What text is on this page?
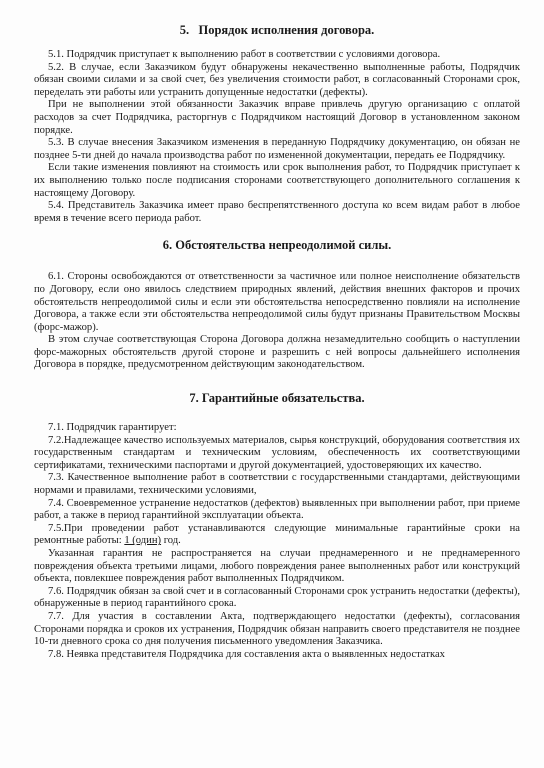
5.  Порядок исполнения договора.

5.1. Подрядчик приступает к выполнению работ в соответствии с условиями договора.

5.2. В случае, если Заказчиком будут обнаружены некачественно выполненные работы, Подрядчик обязан своими силами и за свой счет, без увеличения стоимости работ, в согласованный Сторонами срок, переделать эти работы или устранить допущенные недостатки (дефекты).

При не выполнении этой обязанности Заказчик вправе привлечь другую организацию с оплатой расходов за счет Подрядчика, расторгнув с Подрядчиком настоящий Договор в установленном законом порядке.

5.3. В случае внесения Заказчиком изменения в переданную Подрядчику документацию, он обязан не позднее 5-ти дней до начала производства работ по измененной документации, передать ее Подрядчику.

Если такие изменения повлияют на стоимость или срок выполнения работ, то Подрядчик приступает к их выполнению только после подписания сторонами соответствующего дополнительного соглашения к настоящему Договору.

5.4. Представитель Заказчика имеет право беспрепятственного доступа ко всем видам работ в любое время в течение всего периода работ.

6. Обстоятельства непреодолимой силы.

6.1. Стороны освобождаются от ответственности за частичное или полное неисполнение обязательств по Договору, если оно явилось следствием природных явлений, действия внешних факторов и прочих обстоятельств непреодолимой силы и если эти обстоятельства непосредственно повлияли на исполнение Договора, а также если эти обстоятельства непреодолимой силы будут признаны Правительством Москвы (форс-мажор).

В этом случае соответствующая Сторона Договора должна незамедлительно сообщить о наступлении форс-мажорных обстоятельств другой стороне и разрешить с ней вопросы дальнейшего исполнения Договора в порядке, предусмотренном действующим законодательством.

7. Гарантийные обязательства.

7.1. Подрядчик гарантирует:

7.2.Надлежащее качество используемых материалов, сырья конструкций, оборудования соответствия их государственным стандартам и техническим условиям, обеспеченность их соответствующими сертификатами, техническими паспортами и другой документацией, удостоверяющих их качество.

7.3. Качественное выполнение работ в соответствии с государственными стандартами, действующими нормами и правилами, техническими условиями,

7.4. Своевременное устранение недостатков (дефектов) выявленных при выполнении работ, при приеме работ, а также в период гарантийной эксплуатации объекта.

7.5.При проведении работ устанавливаются следующие минимальные гарантийные сроки на ремонтные работы: 1 (один) год.

Указанная гарантия не распространяется на случаи преднамеренного и не преднамеренного повреждения объекта третьими лицами, любого повреждения ранее выполненных работ или конструкций объекта, повлекшее повреждения работ выполненных Подрядчиком.

7.6. Подрядчик обязан за свой счет и в согласованный Сторонами срок устранить недостатки (дефекты), обнаруженные в период гарантийного срока.

7.7. Для участия в составлении Акта, подтверждающего недостатки (дефекты), согласования Сторонами порядка и сроков их устранения, Подрядчик обязан направить своего представителя не позднее 10-ти дневного срока со дня получения письменного уведомления Заказчика.

7.8. Неявка представителя Подрядчика для составления акта о выявленных недостатках
